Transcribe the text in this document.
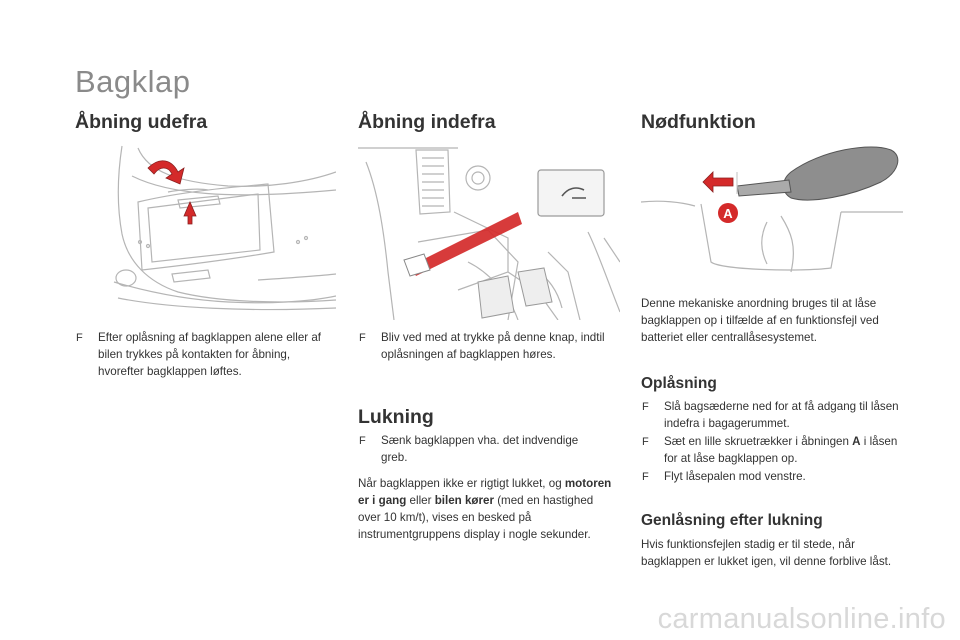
Bagklap
Åbning udefra	Åbning indefra	Nødfunktion
A
F Efter oplåsning af bagklappen alene eller af bilen trykkes på kontakten for åbning, hvorefter bagklappen løftes.
F Bliv ved med at trykke på denne knap, indtil oplåsningen af bagklappen høres.
Lukning
F Sænk bagklappen vha. det indvendige greb.
Når bagklappen ikke er rigtigt lukket, og motoren er i gang eller bilen kører (med en hastighed over 10 km/t), vises en besked på instrumentgruppens display i nogle sekunder.
Denne mekaniske anordning bruges til at låse bagklappen op i tilfælde af en funktionsfejl ved batteriet eller centrallåsesystemet.
Oplåsning
F Slå bagsæderne ned for at få adgang til låsen indefra i bagagerummet.
F Sæt en lille skruetrækker i åbningen A i låsen for at låse bagklappen op.
F Flyt låsepalen mod venstre.
Genlåsning efter lukning
Hvis funktionsfejlen stadig er til stede, når bagklappen er lukket igen, vil denne forblive låst.
carmanualsonline.info
